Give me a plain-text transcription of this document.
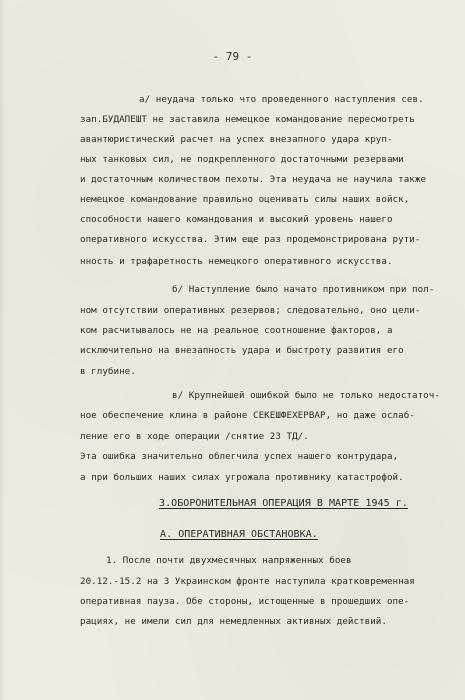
- 79 -
а/ неудача только что проведенного наступления сев.
зап.БУДАПЕШТ не заставила немецкое командование пересмотреть
авантюристический расчет на успех внезапного удара круп-
ных танковых сил, не подкрепленного достаточными резервами
и достаточным количеством пехоты. Эта неудача не научила также
немецкое командование правильно оценивать силы наших войск,
способности нашего командования и высокий уровень нашего
оперативного искусства. Этим еще раз продемонстрирована рути-
нность и трафаретность немецкого оперативного искусства.
б/ Наступление было начато противником при пол-
ном отсутствии оперативных резервов; следовательно, оно цели-
ком расчитывалось не на реальное соотношение факторов, а
исключительно на внезапность удара и быстроту развития его
в глубине.
в/ Крупнейшей ошибкой было не только недостаточ-
ное обеспечение клина в районе СЕКЕШФЕХЕРВАР, но даже ослаб-
ление его в ходе операции /снятие 23 ТД/.
Эта ошибка значительно облегчила успех нашего контрудара,
а при больших наших силах угрожала противнику катастрофой.
3.ОБОРОНИТЕЛЬНАЯ ОПЕРАЦИЯ В МАРТЕ 1945 г.
А. ОПЕРАТИВНАЯ ОБСТАНОВКА.
1. После почти двухмесячных напряженных боев
20.12.-15.2 на 3 Украинском фронте наступила кратковременная
оперативная пауза. Обе стороны, истощенные в прошедших опе-
рациях, не имели сил для немедленных активных действий.
